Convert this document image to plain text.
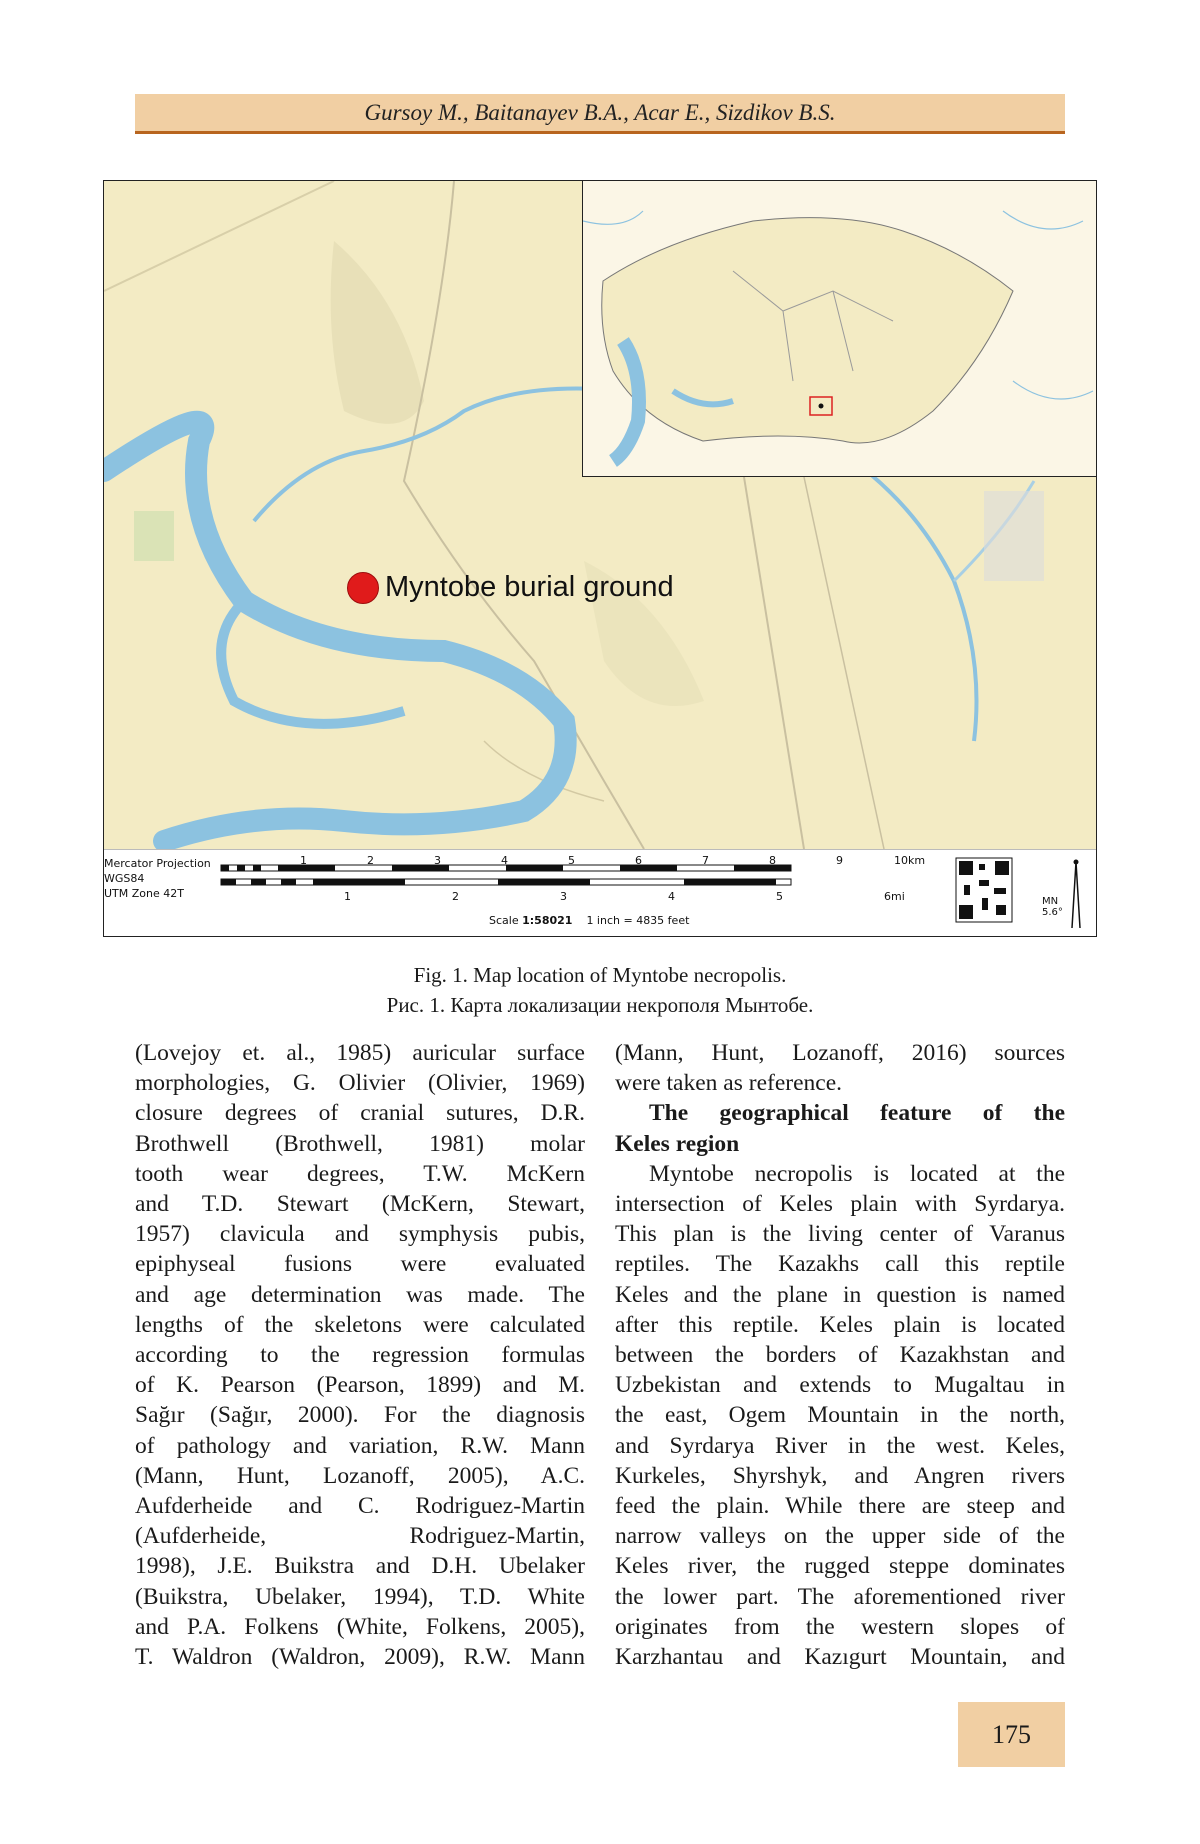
Gursoy M., Baitanayev B.A., Acar E., Sizdikov B.S.
Myntobe burial ground
Mercator Projection
WGS84
UTM Zone 42T
1	2	3	4	5	6	7	8	9	10km
1	2	3	4	5	6mi
Scale 1:58021 1 inch = 4835 feet
MN
5.6°
Fig. 1. Map location of Myntobe necropolis.
Рис. 1. Карта локализации некрополя Мынтобе.

(Lovejoy et. al., 1985) auricular surface

morphologies, G. Olivier (Olivier, 1969)

closure degrees of cranial sutures, D.R.

Brothwell (Brothwell, 1981) molar

tooth wear degrees, T.W. McKern

and T.D. Stewart (McKern, Stewart,

1957) clavicula and symphysis pubis,

epiphyseal fusions were evaluated

and age determination was made. The

lengths of the skeletons were calculated

according to the regression formulas

of K. Pearson (Pearson, 1899) and M.

Sağır (Sağır, 2000). For the diagnosis

of pathology and variation, R.W. Mann

(Mann, Hunt, Lozanoff, 2005), A.C.

Aufderheide and C. Rodriguez-Martin

(Aufderheide, Rodriguez-Martin,

1998), J.E. Buikstra and D.H. Ubelaker

(Buikstra, Ubelaker, 1994), T.D. White

and P.A. Folkens (White, Folkens, 2005),

T. Waldron (Waldron, 2009), R.W. Mann

(Mann, Hunt, Lozanoff, 2016) sources

were taken as reference.

The geographical feature of the

Keles region

Myntobe necropolis is located at the

intersection of Keles plain with Syrdarya.

This plan is the living center of Varanus

reptiles. The Kazakhs call this reptile

Keles and the plane in question is named

after this reptile. Keles plain is located

between the borders of Kazakhstan and

Uzbekistan and extends to Mugaltau in

the east, Ogem Mountain in the north,

and Syrdarya River in the west. Keles,

Kurkeles, Shyrshyk, and Angren rivers

feed the plain. While there are steep and

narrow valleys on the upper side of the

Keles river, the rugged steppe dominates

the lower part. The aforementioned river

originates from the western slopes of

Karzhantau and Kazıgurt Mountain, and

175
